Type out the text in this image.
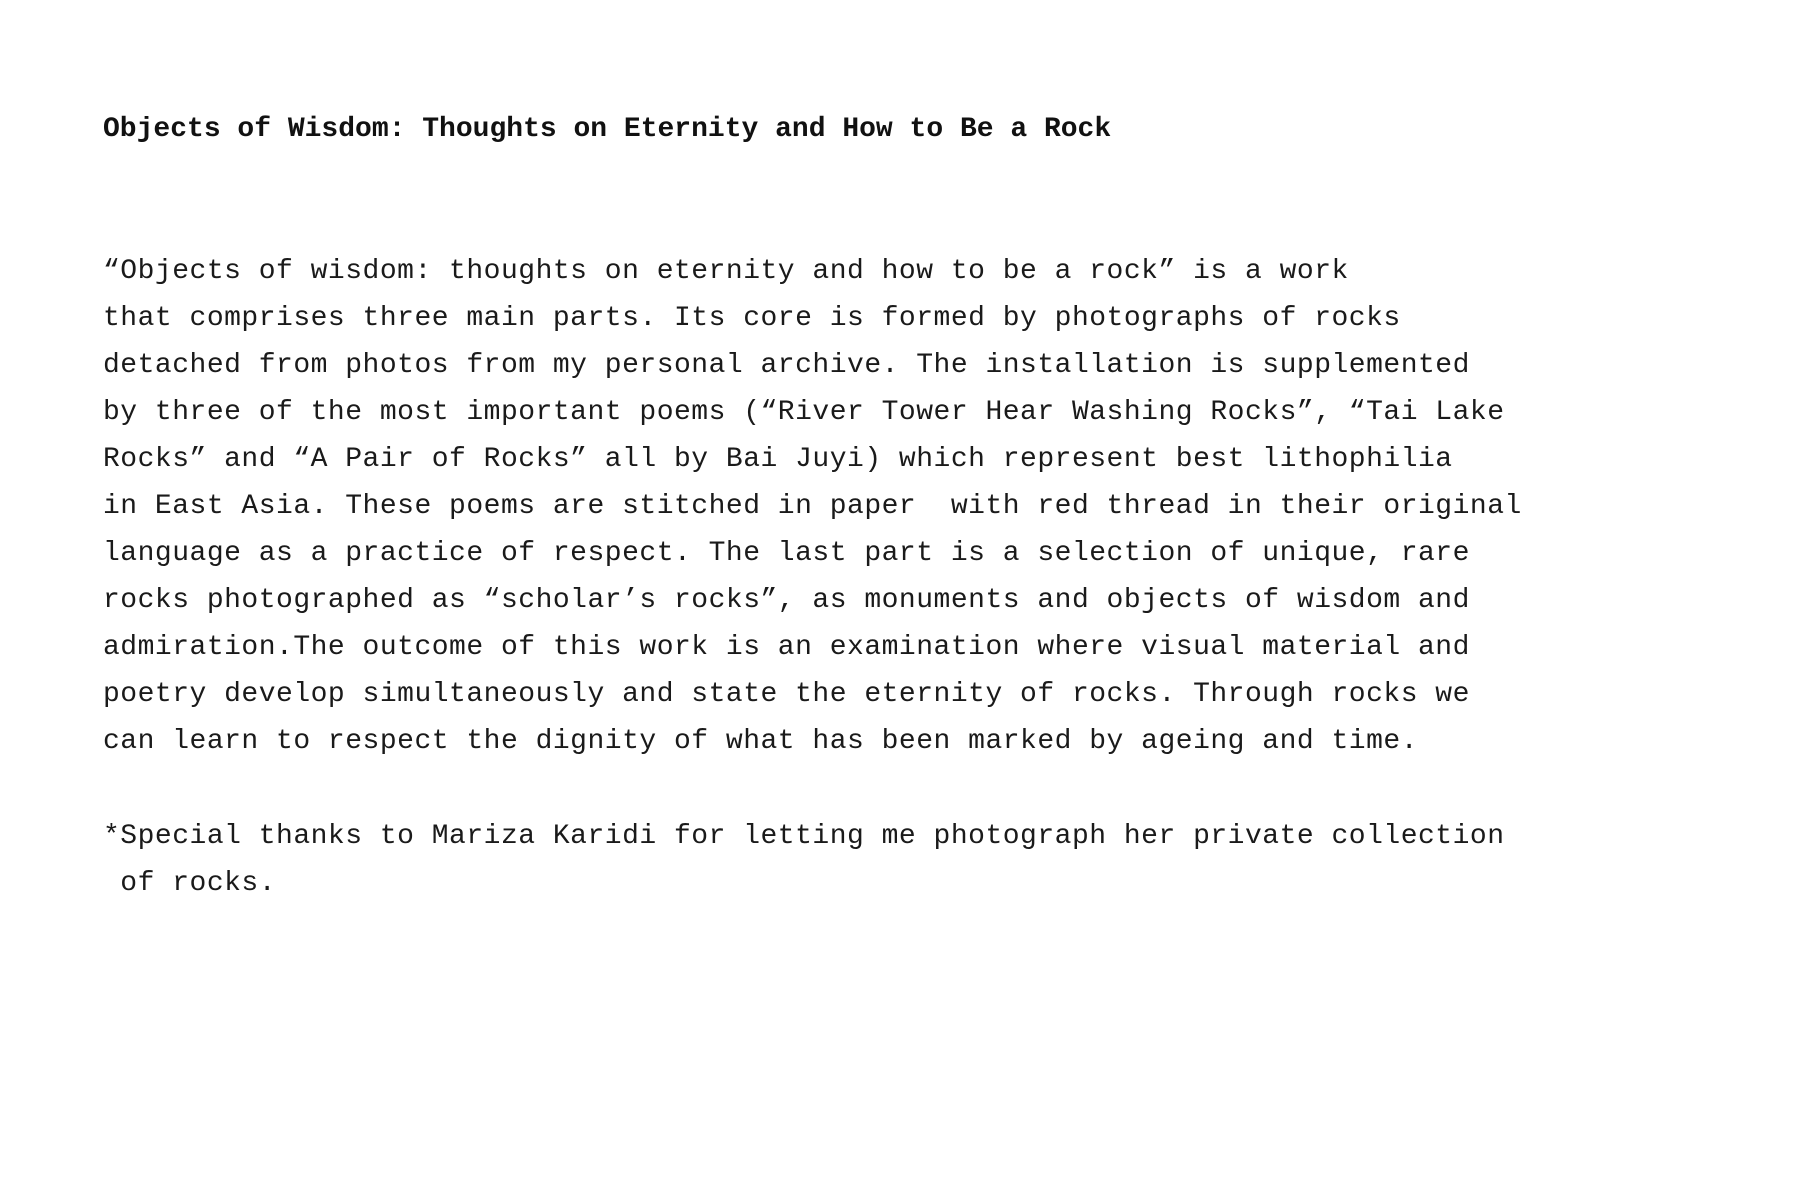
Objects of Wisdom: Thoughts on Eternity and How to Be a Rock
“Objects of wisdom: thoughts on eternity and how to be a rock” is a work
that comprises three main parts. Its core is formed by photographs of rocks
detached from photos from my personal archive. The installation is supplemented
by three of the most important poems (“River Tower Hear Washing Rocks”, “Tai Lake
Rocks” and “A Pair of Rocks” all by Bai Juyi) which represent best lithophilia
in East Asia. These poems are stitched in paper  with red thread in their original
language as a practice of respect. The last part is a selection of unique, rare
rocks photographed as “scholar’s rocks”, as monuments and objects of wisdom and
admiration.The outcome of this work is an examination where visual material and
poetry develop simultaneously and state the eternity of rocks. Through rocks we
can learn to respect the dignity of what has been marked by ageing and time.
*Special thanks to Mariza Karidi for letting me photograph her private collection
of rocks.
